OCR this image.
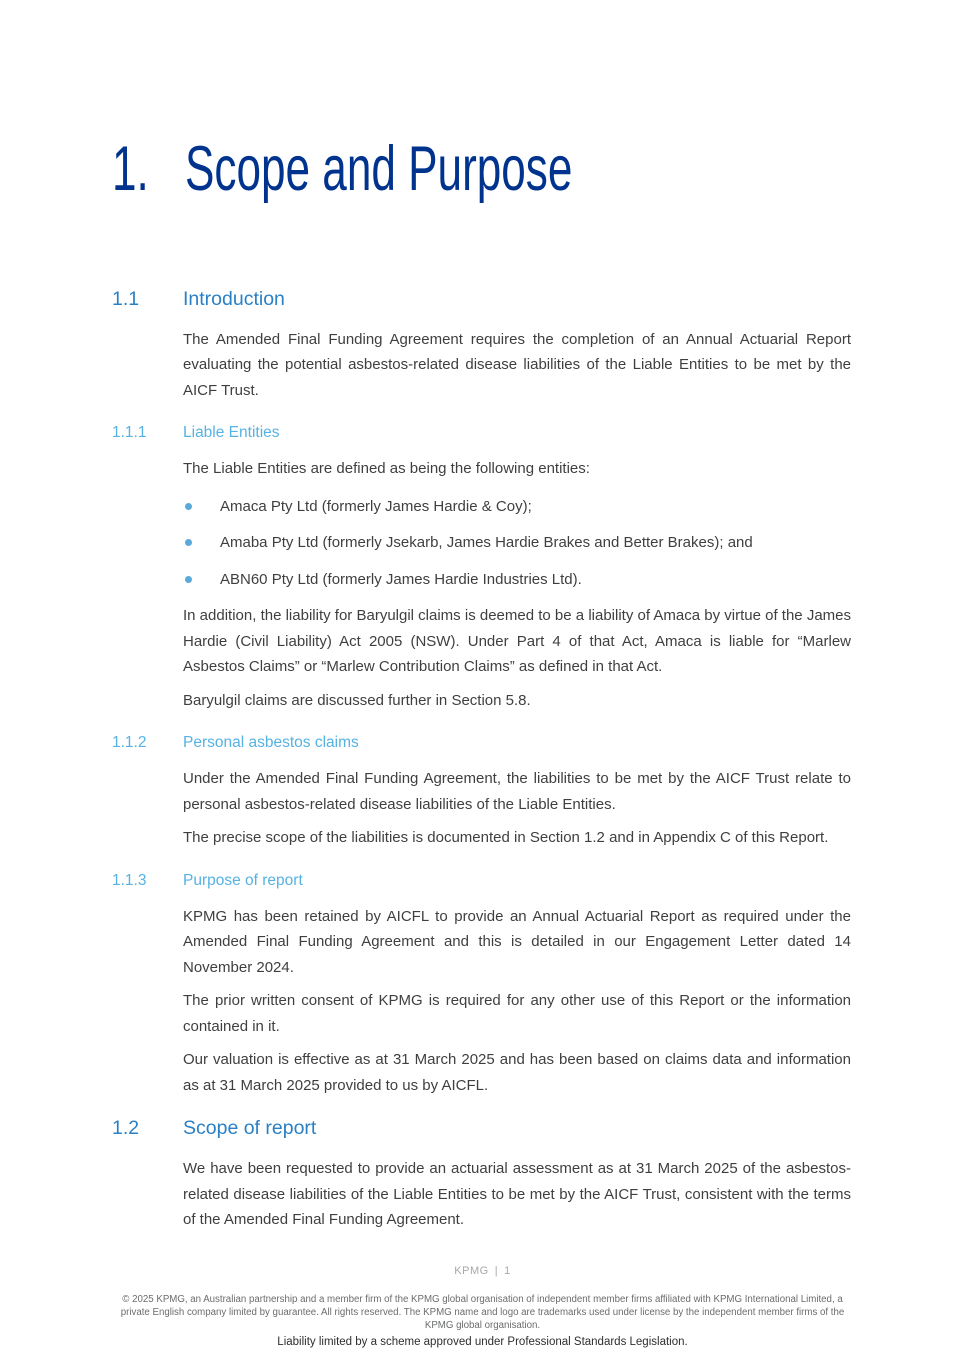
1. Scope and Purpose
1.1	Introduction

The Amended Final Funding Agreement requires the completion of an Annual Actuarial Report evaluating the potential asbestos-related disease liabilities of the Liable Entities to be met by the AICF Trust.

1.1.1	Liable Entities

The Liable Entities are defined as being the following entities:

Amaca Pty Ltd (formerly James Hardie & Coy);
Amaba Pty Ltd (formerly Jsekarb, James Hardie Brakes and Better Brakes); and
ABN60 Pty Ltd (formerly James Hardie Industries Ltd).

In addition, the liability for Baryulgil claims is deemed to be a liability of Amaca by virtue of the James Hardie (Civil Liability) Act 2005 (NSW). Under Part 4 of that Act, Amaca is liable for “Marlew Asbestos Claims” or “Marlew Contribution Claims” as defined in that Act.

Baryulgil claims are discussed further in Section 5.8.

1.1.2	Personal asbestos claims

Under the Amended Final Funding Agreement, the liabilities to be met by the AICF Trust relate to personal asbestos-related disease liabilities of the Liable Entities.

The precise scope of the liabilities is documented in Section 1.2 and in Appendix C of this Report.

1.1.3	Purpose of report

KPMG has been retained by AICFL to provide an Annual Actuarial Report as required under the Amended Final Funding Agreement and this is detailed in our Engagement Letter dated 14 November 2024.

The prior written consent of KPMG is required for any other use of this Report or the information contained in it.

Our valuation is effective as at 31 March 2025 and has been based on claims data and information as at 31 March 2025 provided to us by AICFL.

1.2	Scope of report

We have been requested to provide an actuarial assessment as at 31 March 2025 of the asbestos-related disease liabilities of the Liable Entities to be met by the AICF Trust, consistent with the terms of the Amended Final Funding Agreement.

KPMG | 1
© 2025 KPMG, an Australian partnership and a member firm of the KPMG global organisation of independent member firms affiliated with KPMG International Limited, a private English company limited by guarantee. All rights reserved. The KPMG name and logo are trademarks used under license by the independent member firms of the KPMG global organisation.
Liability limited by a scheme approved under Professional Standards Legislation.
